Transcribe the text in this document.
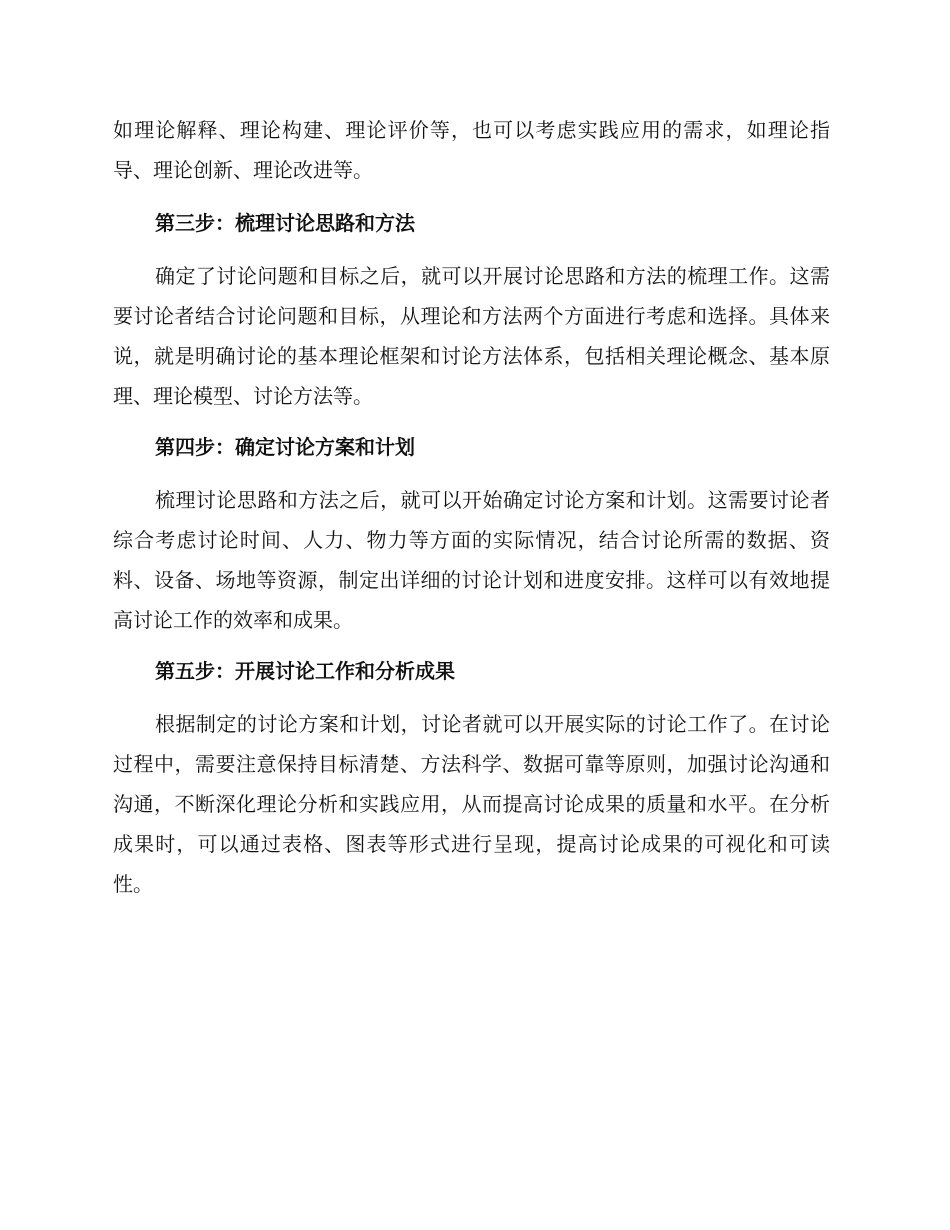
如理论解释、理论构建、理论评价等，也可以考虑实践应用的需求，如理论指导、理论创新、理论改进等。

第三步：梳理讨论思路和方法

确定了讨论问题和目标之后，就可以开展讨论思路和方法的梳理工作。这需要讨论者结合讨论问题和目标，从理论和方法两个方面进行考虑和选择。具体来说，就是明确讨论的基本理论框架和讨论方法体系，包括相关理论概念、基本原理、理论模型、讨论方法等。

第四步：确定讨论方案和计划

梳理讨论思路和方法之后，就可以开始确定讨论方案和计划。这需要讨论者综合考虑讨论时间、人力、物力等方面的实际情况，结合讨论所需的数据、资料、设备、场地等资源，制定出详细的讨论计划和进度安排。这样可以有效地提高讨论工作的效率和成果。

第五步：开展讨论工作和分析成果

根据制定的讨论方案和计划，讨论者就可以开展实际的讨论工作了。在讨论过程中，需要注意保持目标清楚、方法科学、数据可靠等原则，加强讨论沟通和沟通，不断深化理论分析和实践应用，从而提高讨论成果的质量和水平。在分析成果时，可以通过表格、图表等形式进行呈现，提高讨论成果的可视化和可读性。
